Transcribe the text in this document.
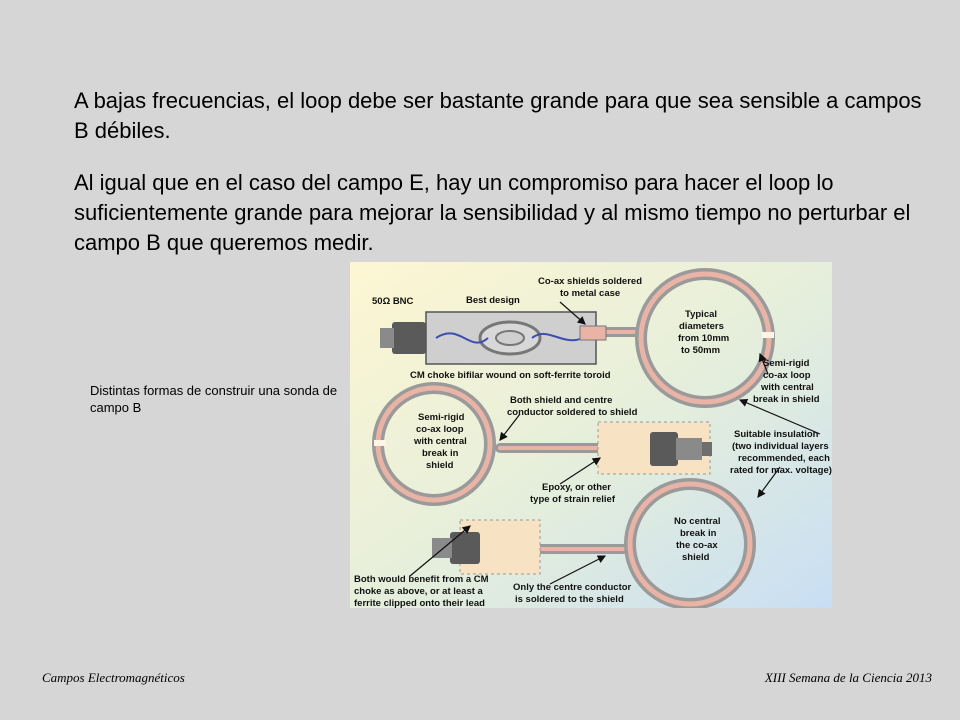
A bajas frecuencias, el loop debe ser bastante grande para que sea sensible a campos B débiles.

Al igual que en el caso del campo E, hay un compromiso para hacer el loop lo suficientemente grande para mejorar la sensibilidad y al mismo tiempo no perturbar el campo B que queremos medir.

Distintas formas de construir una sonda de campo B
50Ω BNC	Best design
Co-ax shields soldered
to metal case
Typical
diameters
from 10mm
to 50mm
CM choke bifilar wound on soft-ferrite toroid
Semi-rigid
co-ax loop
with central
break in shield
Both shield and centre
conductor soldered to shield
Semi-rigid
co-ax loop
with central
break in
shield
Suitable insulation
(two individual layers
recommended, each
rated for max. voltage)
Epoxy, or other
type of strain relief
No central
break in
the co-ax
shield
Both would benefit from a CM
choke as above, or at least a
ferrite clipped onto their lead
Only the centre conductor
is soldered to the shield
Campos Electromagnéticos	XIII Semana de la Ciencia 2013
